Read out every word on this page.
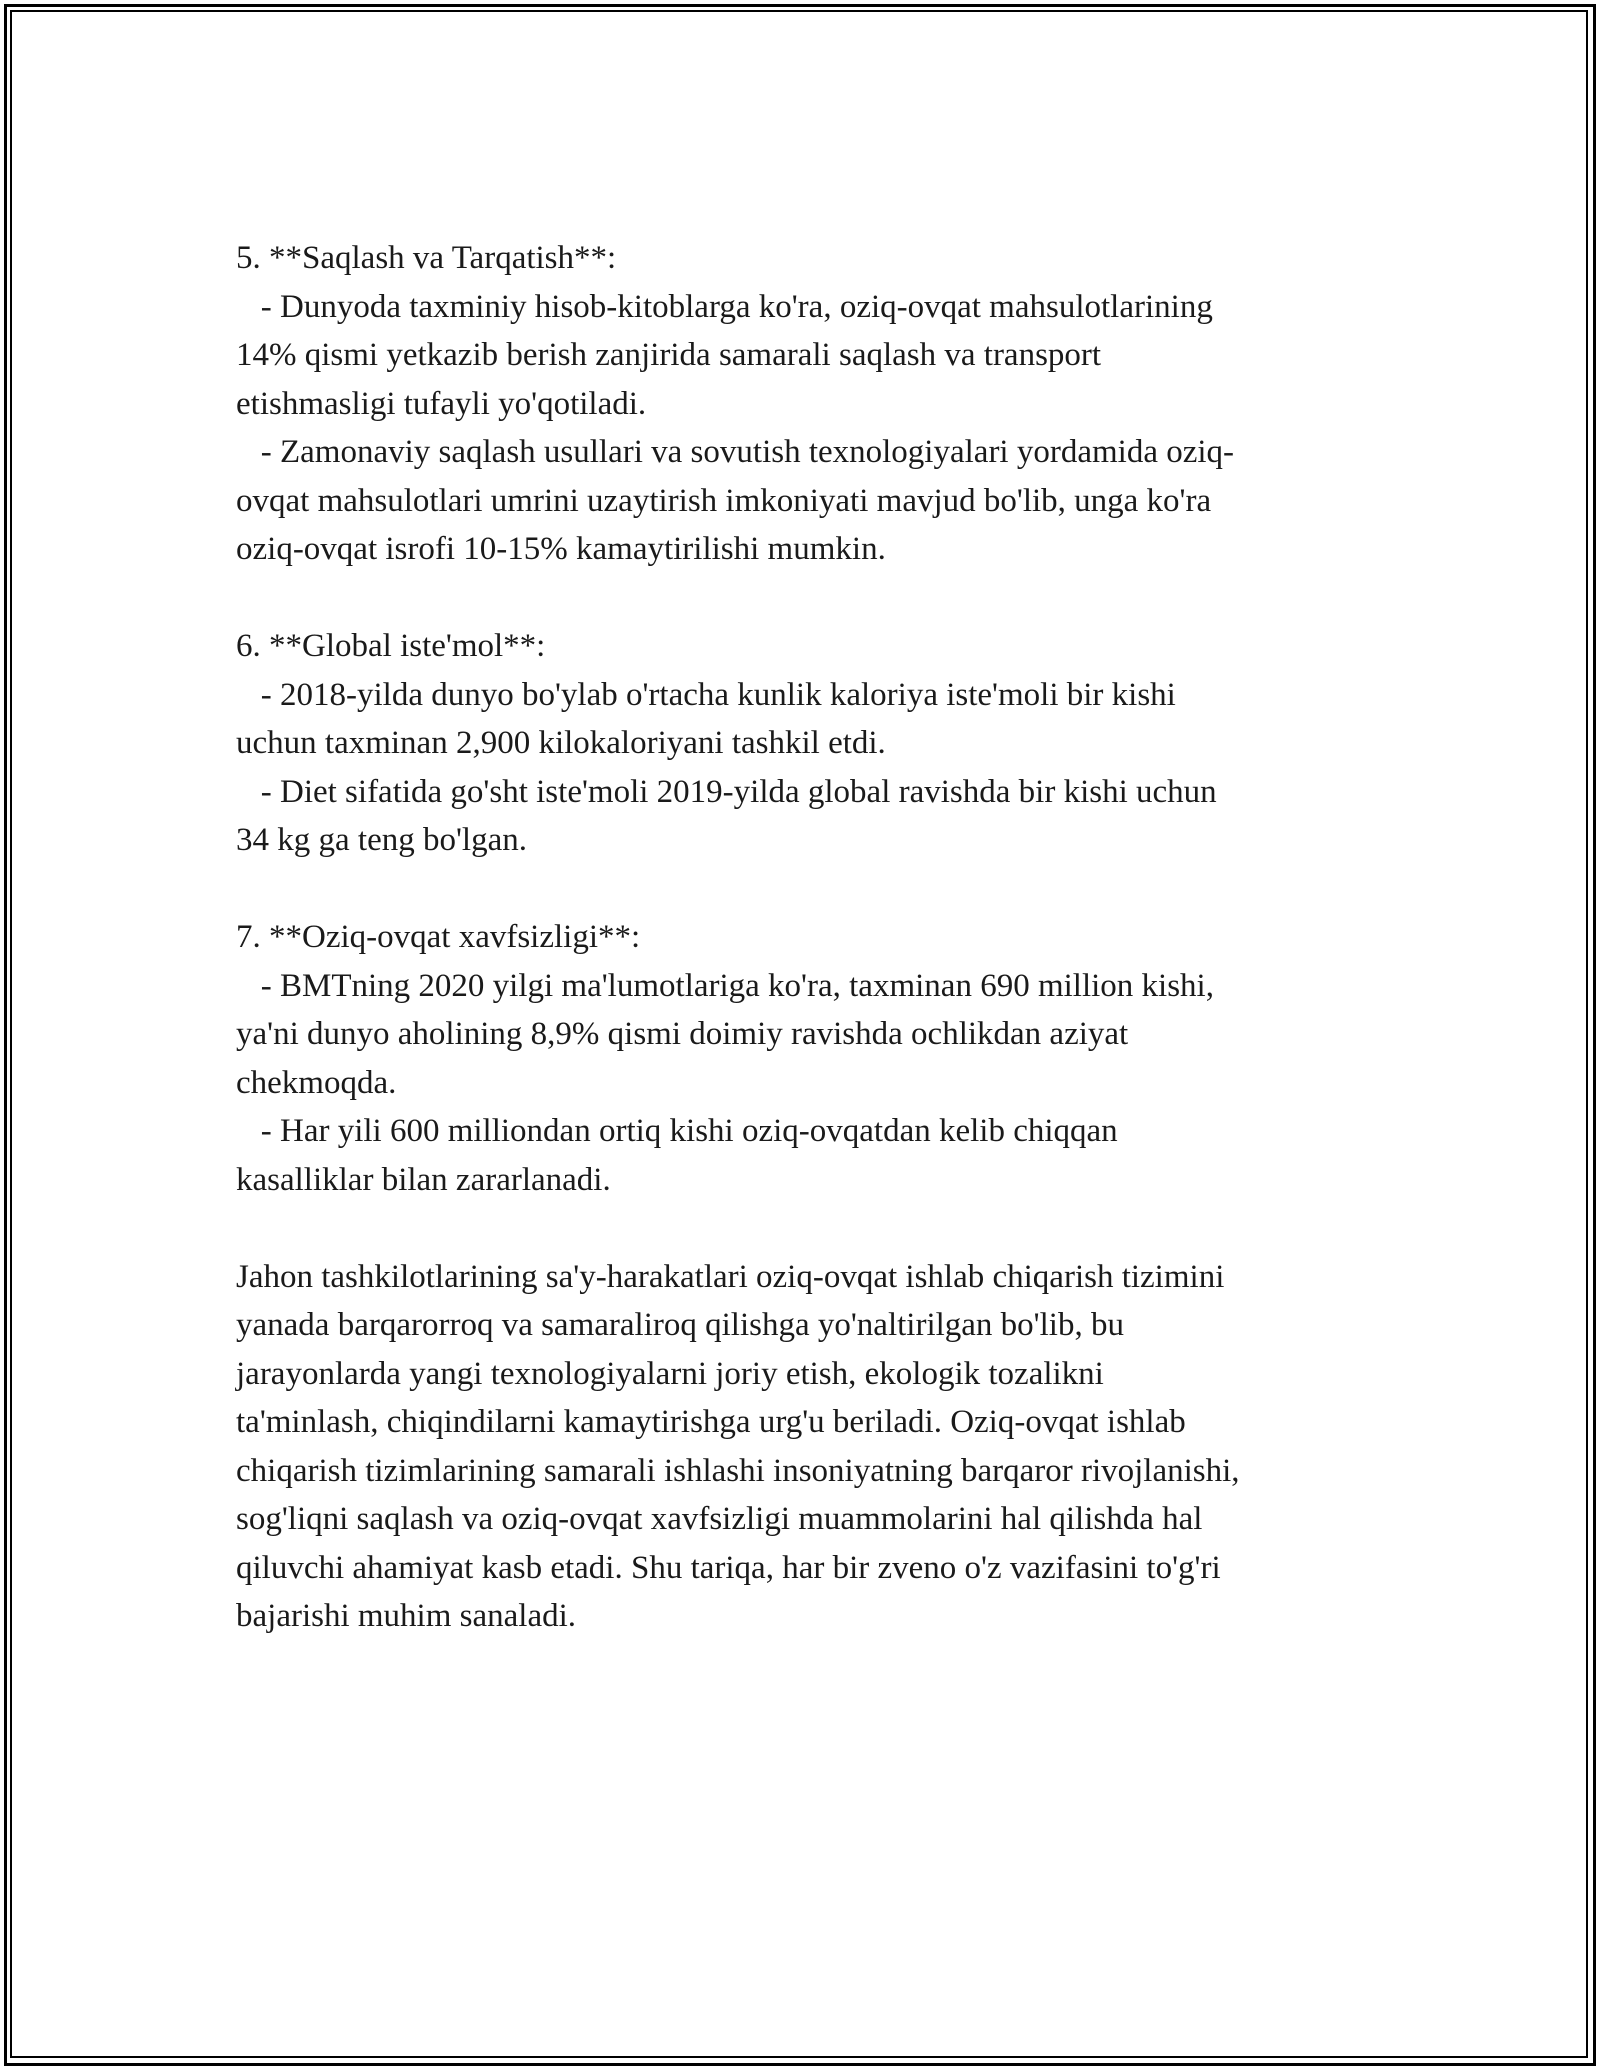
5. **Saqlash va Tarqatish**:
- Dunyoda taxminiy hisob-kitoblarga ko'ra, oziq-ovqat mahsulotlarining
14% qismi yetkazib berish zanjirida samarali saqlash va transport
etishmasligi tufayli yo'qotiladi.
- Zamonaviy saqlash usullari va sovutish texnologiyalari yordamida oziq-
ovqat mahsulotlari umrini uzaytirish imkoniyati mavjud bo'lib, unga ko'ra
oziq-ovqat isrofi 10-15% kamaytirilishi mumkin.
6. **Global iste'mol**:
- 2018-yilda dunyo bo'ylab o'rtacha kunlik kaloriya iste'moli bir kishi
uchun taxminan 2,900 kilokaloriyani tashkil etdi.
- Diet sifatida go'sht iste'moli 2019-yilda global ravishda bir kishi uchun
34 kg ga teng bo'lgan.
7. **Oziq-ovqat xavfsizligi**:
- BMTning 2020 yilgi ma'lumotlariga ko'ra, taxminan 690 million kishi,
ya'ni dunyo aholining 8,9% qismi doimiy ravishda ochlikdan aziyat
chekmoqda.
- Har yili 600 milliondan ortiq kishi oziq-ovqatdan kelib chiqqan
kasalliklar bilan zararlanadi.
Jahon tashkilotlarining sa'y-harakatlari oziq-ovqat ishlab chiqarish tizimini
yanada barqarorroq va samaraliroq qilishga yo'naltirilgan bo'lib, bu
jarayonlarda yangi texnologiyalarni joriy etish, ekologik tozalikni
ta'minlash, chiqindilarni kamaytirishga urg'u beriladi. Oziq-ovqat ishlab
chiqarish tizimlarining samarali ishlashi insoniyatning barqaror rivojlanishi,
sog'liqni saqlash va oziq-ovqat xavfsizligi muammolarini hal qilishda hal
qiluvchi ahamiyat kasb etadi. Shu tariqa, har bir zveno o'z vazifasini to'g'ri
bajarishi muhim sanaladi.
